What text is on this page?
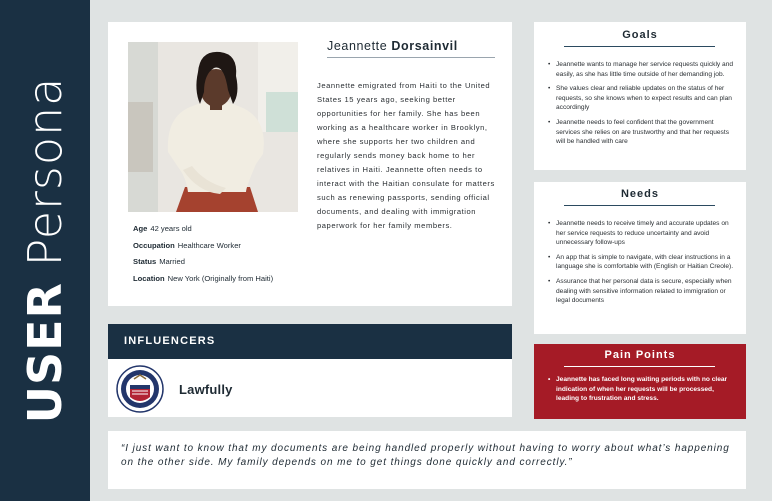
USER Persona
Jeannette Dorsainvil
Jeannette emigrated from Haiti to the United States 15 years ago, seeking better opportunities for her family. She has been working as a healthcare worker in Brooklyn, where she supports her two children and regularly sends money back home to her relatives in Haiti. Jeannette often needs to interact with the Haitian consulate for matters such as renewing passports, sending official documents, and dealing with immigration paperwork for her family members.
Age 42 years old
Occupation Healthcare Worker
Status Married
Location New York (Originally from Haiti)
INFLUENCERS
Lawfully
Goals
• Jeannette wants to manage her service requests quickly and easily, as she has little time outside of her demanding job.
• She values clear and reliable updates on the status of her requests, so she knows when to expect results and can plan accordingly
• Jeannette needs to feel confident that the government services she relies on are trustworthy and that her requests will be handled with care
Needs
• Jeannette needs to receive timely and accurate updates on her service requests to reduce uncertainty and avoid unnecessary follow-ups
• An app that is simple to navigate, with clear instructions in a language she is comfortable with (English or Haitian Creole).
• Assurance that her personal data is secure, especially when dealing with sensitive information related to immigration or legal documents
Pain Points
• Jeannette has faced long waiting periods with no clear indication of when her requests will be processed, leading to frustration and stress.
“I just want to know that my documents are being handled properly without having to worry about what’s happening on the other side. My family depends on me to get things done quickly and correctly.”
